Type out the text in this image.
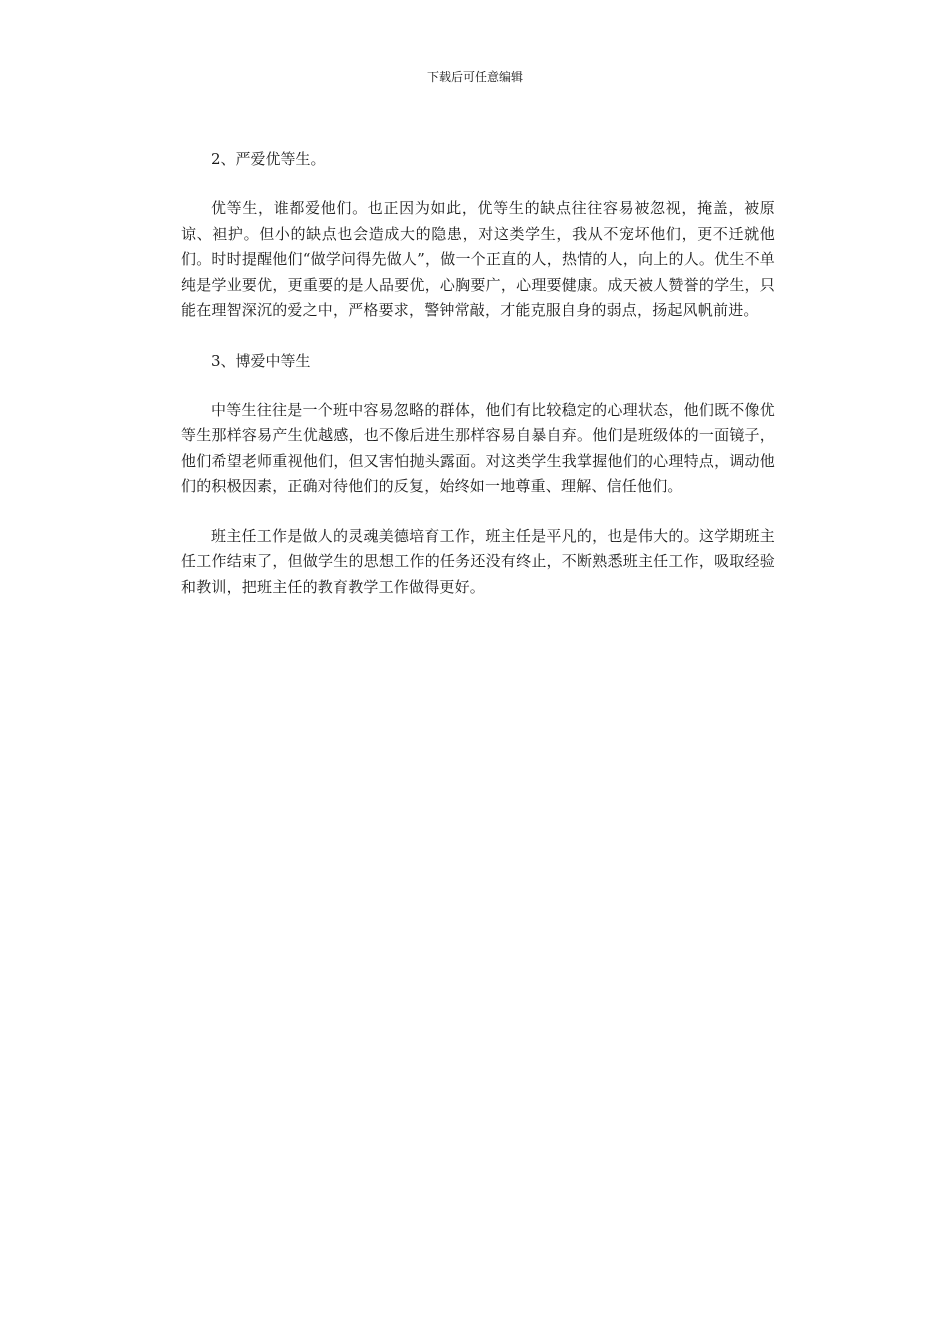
下载后可任意编辑

2、严爱优等生。

优等生，谁都爱他们。也正因为如此，优等生的缺点往往容易被忽视，掩盖，被原谅、袒护。但小的缺点也会造成大的隐患，对这类学生，我从不宠坏他们，更不迁就他们。时时提醒他们“做学问得先做人”，做一个正直的人，热情的人，向上的人。优生不单纯是学业要优，更重要的是人品要优，心胸要广，心理要健康。成天被人赞誉的学生，只能在理智深沉的爱之中，严格要求，警钟常敲，才能克服自身的弱点，扬起风帆前进。

3、博爱中等生

中等生往往是一个班中容易忽略的群体，他们有比较稳定的心理状态，他们既不像优等生那样容易产生优越感，也不像后进生那样容易自暴自弃。他们是班级体的一面镜子，他们希望老师重视他们，但又害怕抛头露面。对这类学生我掌握他们的心理特点，调动他们的积极因素，正确对待他们的反复，始终如一地尊重、理解、信任他们。

班主任工作是做人的灵魂美德培育工作，班主任是平凡的，也是伟大的。这学期班主任工作结束了，但做学生的思想工作的任务还没有终止，不断熟悉班主任工作，吸取经验和教训，把班主任的教育教学工作做得更好。
